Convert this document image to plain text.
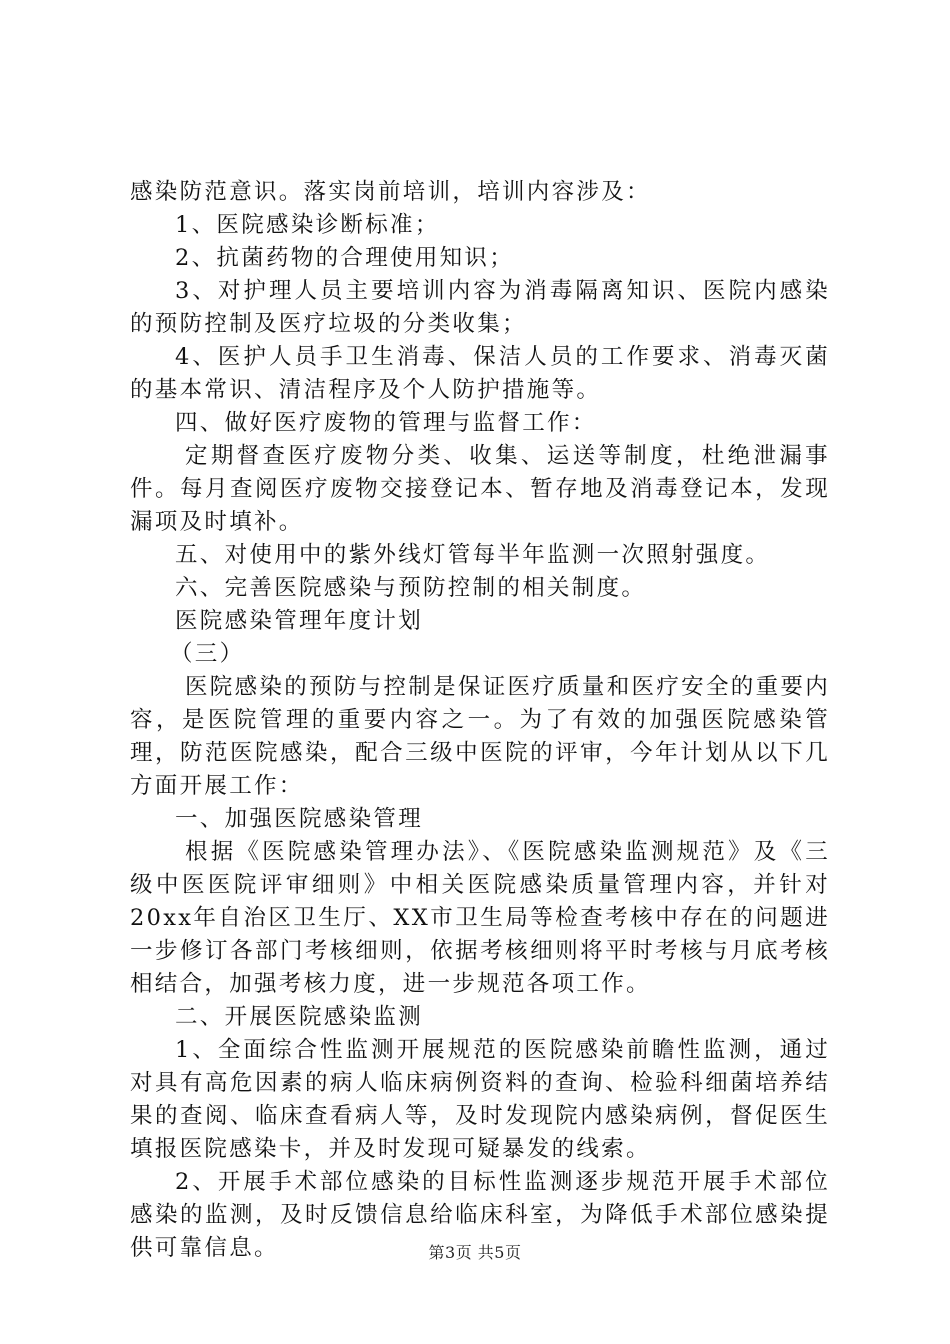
感染防范意识。落实岗前培训，培训内容涉及：

1、医院感染诊断标准；

2、抗菌药物的合理使用知识；

3、对护理人员主要培训内容为消毒隔离知识、医院内感染的预防控制及医疗垃圾的分类收集；

4、医护人员手卫生消毒、保洁人员的工作要求、消毒灭菌的基本常识、清洁程序及个人防护措施等。

四、做好医疗废物的管理与监督工作：

定期督查医疗废物分类、收集、运送等制度，杜绝泄漏事件。每月查阅医疗废物交接登记本、暂存地及消毒登记本，发现漏项及时填补。

五、对使用中的紫外线灯管每半年监测一次照射强度。

六、完善医院感染与预防控制的相关制度。

医院感染管理年度计划

（三）

医院感染的预防与控制是保证医疗质量和医疗安全的重要内容，是医院管理的重要内容之一。为了有效的加强医院感染管理，防范医院感染，配合三级中医院的评审，今年计划从以下几方面开展工作：

一、加强医院感染管理

根据《医院感染管理办法》、《医院感染监测规范》及《三级中医医院评审细则》中相关医院感染质量管理内容，并针对20xx年自治区卫生厅、XX市卫生局等检查考核中存在的问题进一步修订各部门考核细则，依据考核细则将平时考核与月底考核相结合，加强考核力度，进一步规范各项工作。

二、开展医院感染监测

1、全面综合性监测开展规范的医院感染前瞻性监测，通过对具有高危因素的病人临床病例资料的查询、检验科细菌培养结果的查阅、临床查看病人等，及时发现院内感染病例，督促医生填报医院感染卡，并及时发现可疑暴发的线索。

2、开展手术部位感染的目标性监测逐步规范开展手术部位感染的监测，及时反馈信息给临床科室，为降低手术部位感染提供可靠信息。	第3页 共5页
